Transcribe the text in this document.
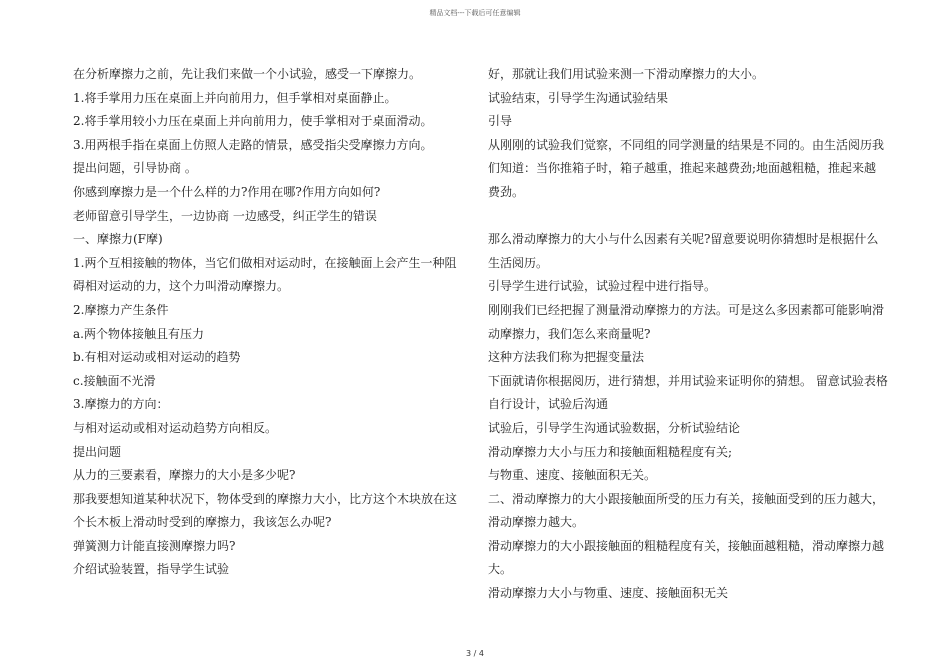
精品文档---下载后可任意编辑

在分析摩擦力之前，先让我们来做一个小试验，感受一下摩擦力。

1.将手掌用力压在桌面上并向前用力，但手掌相对桌面静止。

2.将手掌用较小力压在桌面上并向前用力，使手掌相对于桌面滑动。

3.用两根手指在桌面上仿照人走路的情景，感受指尖受摩擦力方向。

提出问题，引导协商 。

你感到摩擦力是一个什么样的力?作用在哪?作用方向如何?

老师留意引导学生，一边协商 一边感受，纠正学生的错误

一、摩擦力(F摩)

1.两个互相接触的物体，当它们做相对运动时，在接触面上会产生一种阻碍相对运动的力，这个力叫滑动摩擦力。

2.摩擦力产生条件

a.两个物体接触且有压力

b.有相对运动或相对运动的趋势

c.接触面不光滑

3.摩擦力的方向：

与相对运动或相对运动趋势方向相反。

提出问题

从力的三要素看，摩擦力的大小是多少呢?

那我要想知道某种状况下，物体受到的摩擦力大小，比方这个木块放在这个长木板上滑动时受到的摩擦力，我该怎么办呢?

弹簧测力计能直接测摩擦力吗?

介绍试验装置，指导学生试验

好，那就让我们用试验来测一下滑动摩擦力的大小。

试验结束，引导学生沟通试验结果

引导

从刚刚的试验我们觉察，不同组的同学测量的结果是不同的。由生活阅历我们知道：当你推箱子时，箱子越重，推起来越费劲;地面越粗糙，推起来越费劲。

那么滑动摩擦力的大小与什么因素有关呢?留意要说明你猜想时是根据什么生活阅历。

引导学生进行试验，试验过程中进行指导。

刚刚我们已经把握了测量滑动摩擦力的方法。可是这么多因素都可能影响滑动摩擦力，我们怎么来商量呢?

这种方法我们称为把握变量法

下面就请你根据阅历，进行猜想，并用试验来证明你的猜想。 留意试验表格自行设计，试验后沟通

试验后，引导学生沟通试验数据，分析试验结论

滑动摩擦力大小与压力和接触面粗糙程度有关;

与物重、速度、接触面积无关。

二、滑动摩擦力的大小跟接触面所受的压力有关，接触面受到的压力越大，滑动摩擦力越大。

滑动摩擦力的大小跟接触面的粗糙程度有关，接触面越粗糙，滑动摩擦力越大。

滑动摩擦力大小与物重、速度、接触面积无关

3 / 4
